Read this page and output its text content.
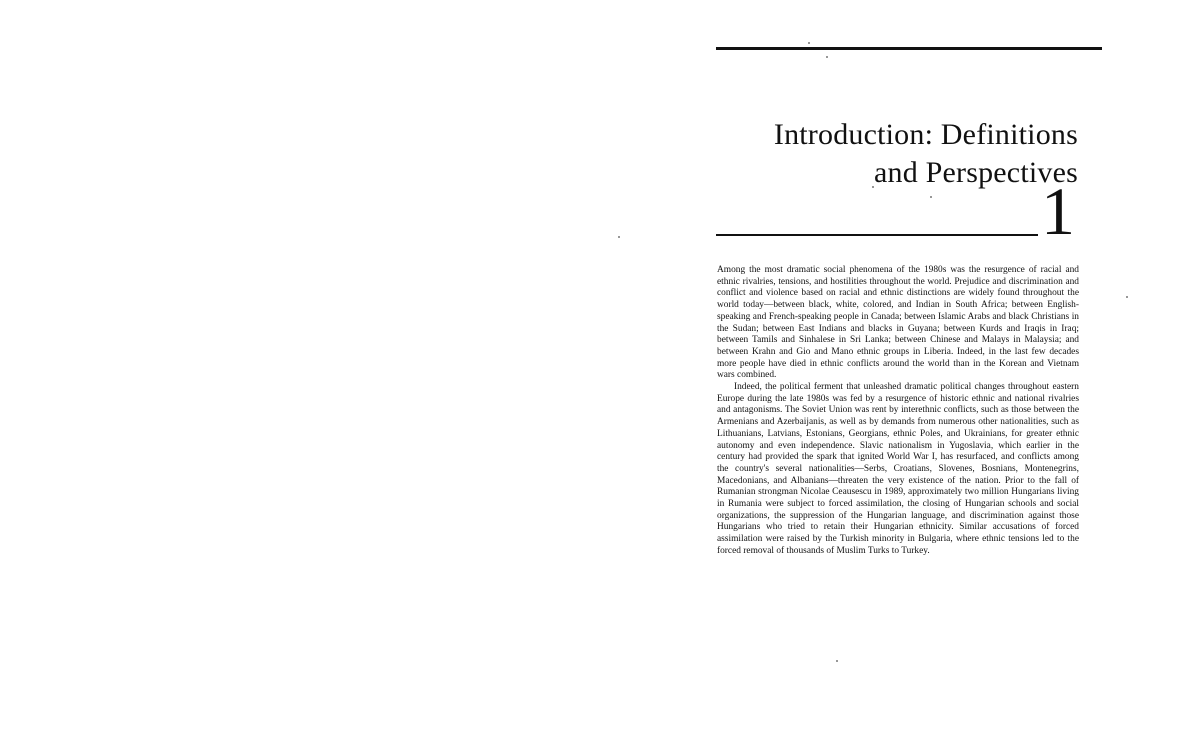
Introduction: Definitions
and Perspectives
1

Among the most dramatic social phenomena of the 1980s was the resurgence of racial and ethnic rivalries, tensions, and hostilities throughout the world. Prejudice and discrimination and conflict and violence based on racial and ethnic distinctions are widely found throughout the world today—between black, white, colored, and Indian in South Africa; between English-speaking and French-speaking people in Canada; between Islamic Arabs and black Christians in the Sudan; between East Indians and blacks in Guyana; between Kurds and Iraqis in Iraq; between Tamils and Sinhalese in Sri Lanka; between Chinese and Malays in Malaysia; and between Krahn and Gio and Mano ethnic groups in Liberia. Indeed, in the last few decades more people have died in ethnic conflicts around the world than in the Korean and Vietnam wars combined.

Indeed, the political ferment that unleashed dramatic political changes throughout eastern Europe during the late 1980s was fed by a resurgence of historic ethnic and national rivalries and antagonisms. The Soviet Union was rent by interethnic conflicts, such as those between the Armenians and Azerbaijanis, as well as by demands from numerous other nationalities, such as Lithuanians, Latvians, Estonians, Georgians, ethnic Poles, and Ukrainians, for greater ethnic autonomy and even independence. Slavic nationalism in Yugoslavia, which earlier in the century had provided the spark that ignited World War I, has resurfaced, and conflicts among the country's several nationalities—Serbs, Croatians, Slovenes, Bosnians, Montenegrins, Macedonians, and Albanians—threaten the very existence of the nation. Prior to the fall of Rumanian strongman Nicolae Ceausescu in 1989, approximately two million Hungarians living in Rumania were subject to forced assimilation, the closing of Hungarian schools and social organizations, the suppression of the Hungarian language, and discrimination against those Hungarians who tried to retain their Hungarian ethnicity. Similar accusations of forced assimilation were raised by the Turkish minority in Bulgaria, where ethnic tensions led to the forced removal of thousands of Muslim Turks to Turkey.
